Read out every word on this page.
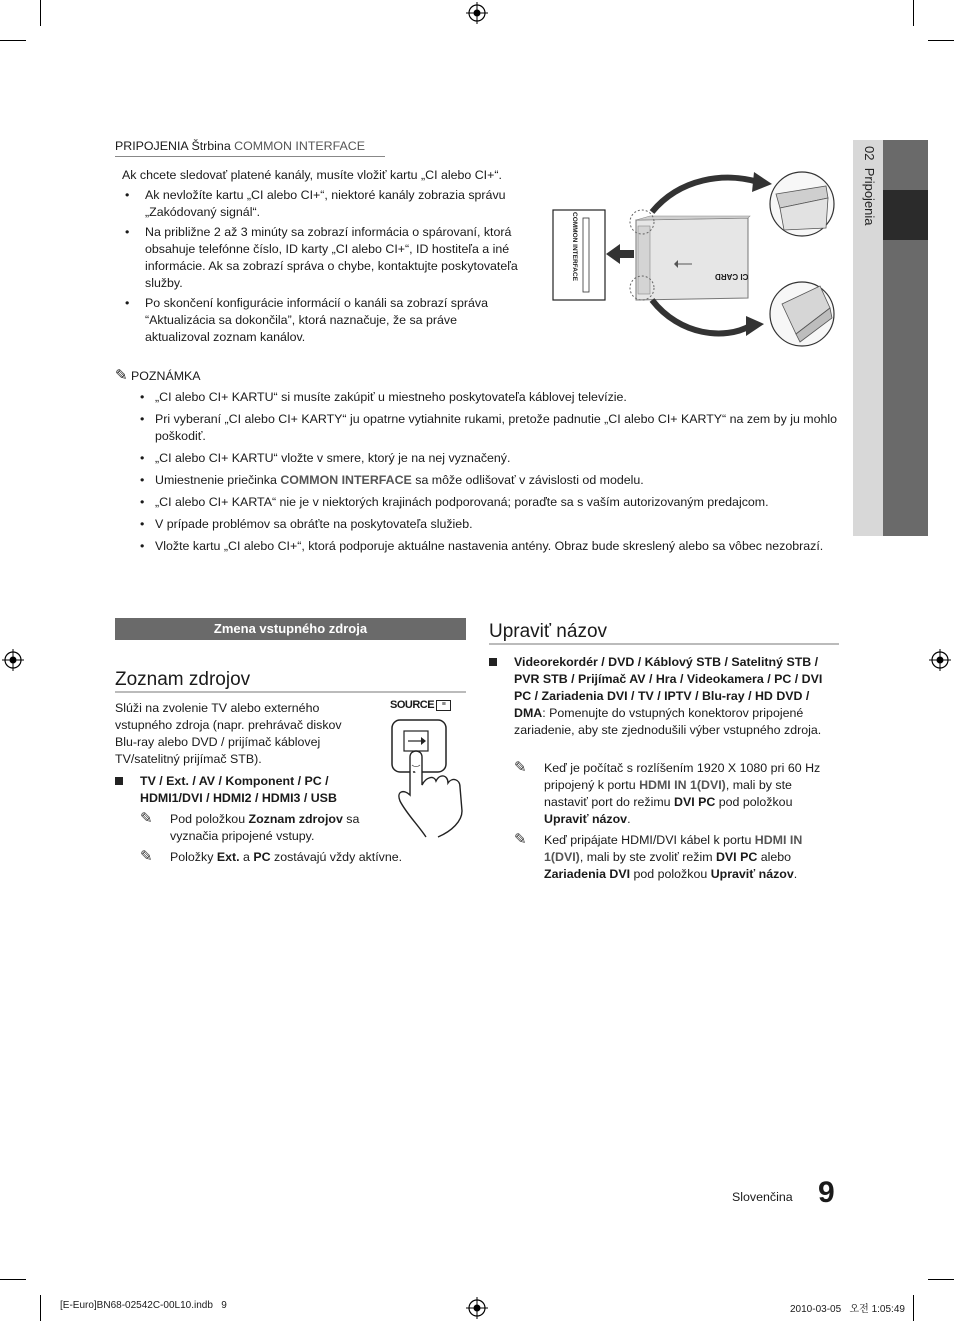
02  Pripojenia
PRIPOJENIA Štrbina COMMON INTERFACE
Ak chcete sledovať platené kanály, musíte vložiť kartu „CI alebo CI+“.
• Ak nevložíte kartu „CI alebo CI+“, niektoré kanály zobrazia správu „Zakódovaný signál“.
• Na približne 2 až 3 minúty sa zobrazí informácia o spárovaní, ktorá obsahuje telefónne číslo, ID karty „CI alebo CI+“, ID hostiteľa a iné informácie. Ak sa zobrazí správa o chybe, kontaktujte poskytovateľa služby.
• Po skončení konfigurácie informácií o kanáli sa zobrazí správa “Aktualizácia sa dokončila”, ktorá naznačuje, že sa práve aktualizoval zoznam kanálov.
COMMON INTERFACE	CI CARD
✎ POZNÁMKA
• „CI alebo CI+ KARTU“ si musíte zakúpiť u miestneho poskytovateľa káblovej televízie.
• Pri vyberaní „CI alebo CI+ KARTY“ ju opatrne vytiahnite rukami, pretože padnutie „CI alebo CI+ KARTY“ na zem by ju mohlo poškodiť.
• „CI alebo CI+ KARTU“ vložte v smere, ktorý je na nej vyznačený.
• Umiestnenie priečinka COMMON INTERFACE sa môže odlišovať v závislosti od modelu.
• „CI alebo CI+ KARTA“ nie je v niektorých krajinách podporovaná; poraďte sa s vaším autorizovaným predajcom.
• V prípade problémov sa obráťte na poskytovateľa služieb.
• Vložte kartu „CI alebo CI+“, ktorá podporuje aktuálne nastavenia antény. Obraz bude skreslený alebo sa vôbec nezobrazí.
Zmena vstupného zdroja
Zoznam zdrojov
Slúži na zvolenie TV alebo externého vstupného zdroja (napr. prehrávač diskov Blu-ray alebo DVD / prijímač káblovej TV/satelitný prijímač STB).
TV / Ext. / AV / Komponent / PC / HDMI1/DVI / HDMI2 / HDMI3 / USB
✎ Pod položkou Zoznam zdrojov sa vyznačia pripojené vstupy.
✎ Položky Ext. a PC zostávajú vždy aktívne.
SOURCE ≡
Upraviť názov
Videorekordér / DVD / Káblový STB / Satelitný STB / PVR STB / Prijímač AV / Hra / Videokamera / PC / DVI PC / Zariadenia DVI / TV / IPTV / Blu-ray / HD DVD / DMA: Pomenujte do vstupných konektorov pripojené zariadenie, aby ste zjednodušili výber vstupného zdroja.
✎ Keď je počítač s rozlíšením 1920 X 1080 pri 60 Hz pripojený k portu HDMI IN 1(DVI), mali by ste nastaviť port do režimu DVI PC pod položkou Upraviť názov.
✎ Keď pripájate HDMI/DVI kábel k portu HDMI IN 1(DVI), mali by ste zvoliť režim DVI PC alebo Zariadenia DVI pod položkou Upraviť názov.
Slovenčina 9
[E-Euro]BN68-02542C-00L10.indb   9	2010-03-05   오전 1:05:49
